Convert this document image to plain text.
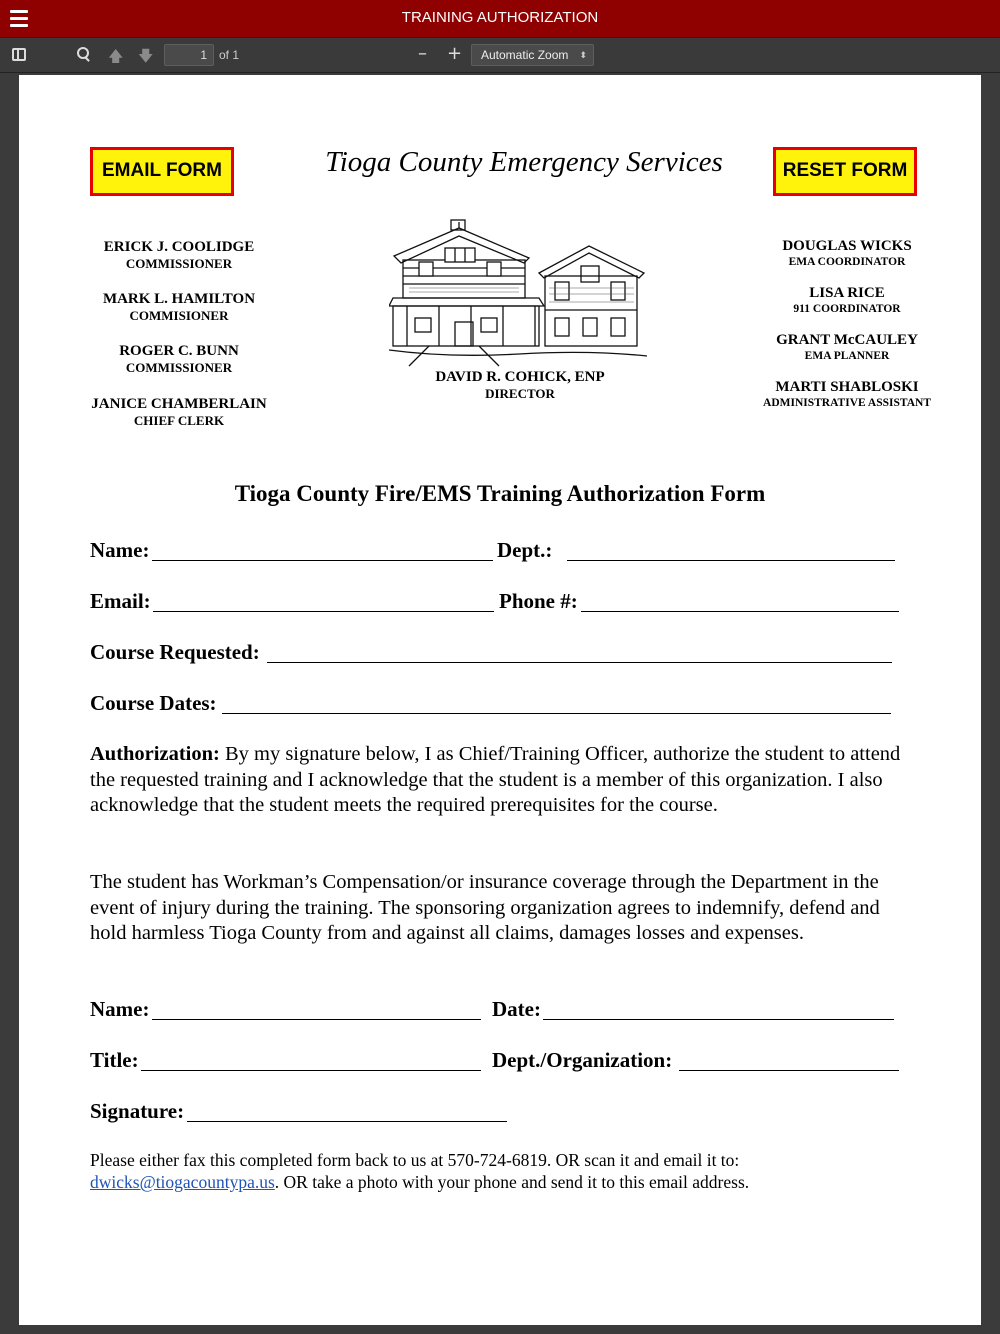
TRAINING AUTHORIZATION
🡅 🡇	1	of 1	– +	Automatic Zoom ⬍
EMAIL FORM	RESET FORM
Tioga County Emergency Services
ERICK J. COOLIDGE
COMMISSIONER
MARK L. HAMILTON
COMMISIONER
ROGER C. BUNN
COMMISSIONER
JANICE CHAMBERLAIN
CHIEF CLERK
DAVID R. COHICK, ENP
DIRECTOR
DOUGLAS WICKS
EMA COORDINATOR
LISA RICE
911 COORDINATOR
GRANT McCAULEY
EMA PLANNER
MARTI SHABLOSKI
ADMINISTRATIVE ASSISTANT
Tioga County Fire/EMS Training Authorization Form
Name:	Dept.:
Email:	Phone #:
Course Requested:
Course Dates:
Authorization: By my signature below, I as Chief/Training Officer, authorize the student to attend the requested training and I acknowledge that the student is a member of this organization. I also acknowledge that the student meets the required prerequisites for the course.
The student has Workman’s Compensation/or insurance coverage through the Department in the event of injury during the training. The sponsoring organization agrees to indemnify, defend and hold harmless Tioga County from and against all claims, damages losses and expenses.
Name:	Date:
Title:	Dept./Organization:
Signature:
Please either fax this completed form back to us at 570-724-6819. OR scan it and email it to: dwicks@tiogacountypa.us. OR take a photo with your phone and send it to this email address.
